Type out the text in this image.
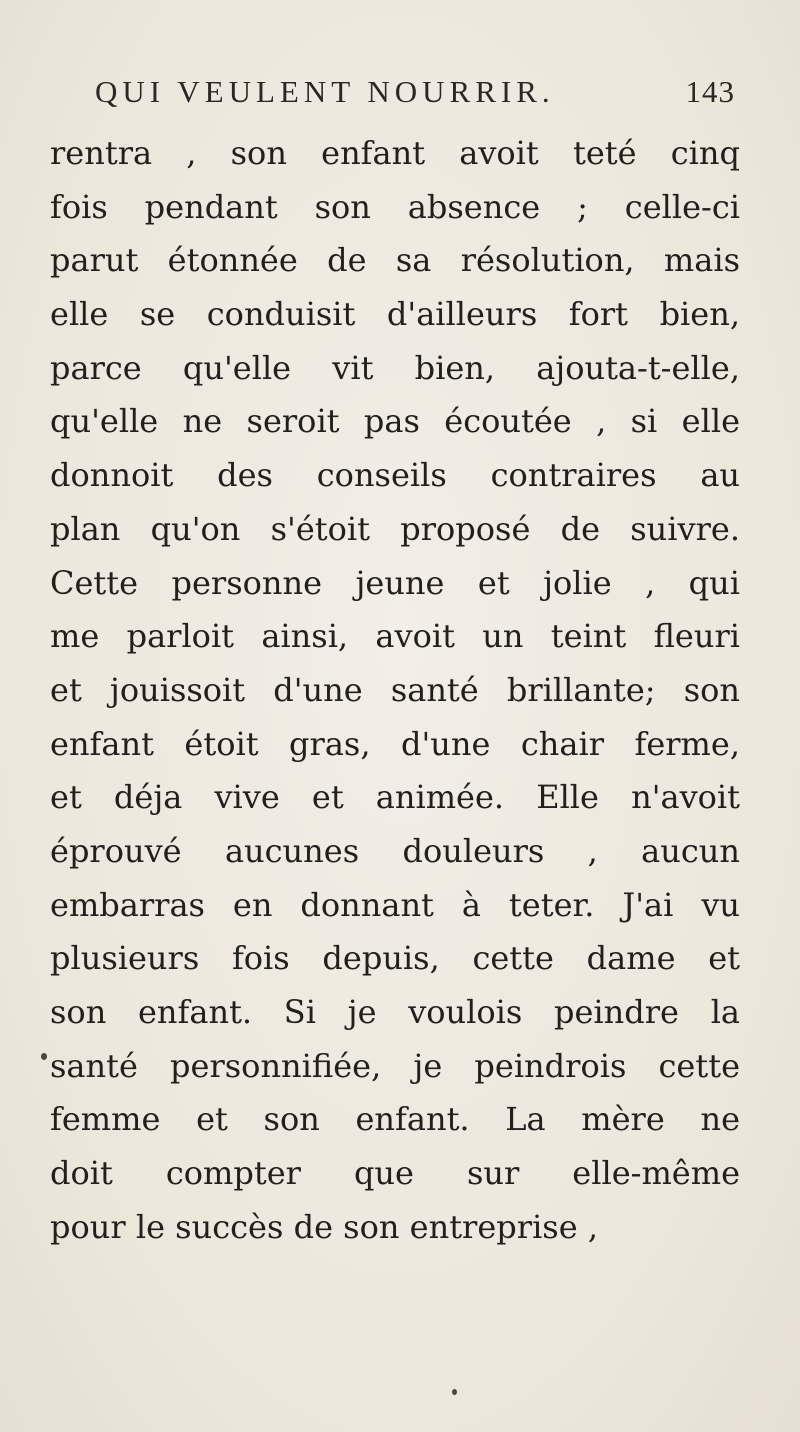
QUI VEULENT NOURRIR.	143
rentra , son enfant avoit teté cinq
fois pendant son absence ; celle-ci
parut étonnée de sa résolution, mais
elle se conduisit d'ailleurs fort bien,
parce qu'elle vit bien, ajouta-t-elle,
qu'elle ne seroit pas écoutée , si elle
donnoit des conseils contraires au
plan qu'on s'étoit proposé de suivre.
Cette personne jeune et jolie , qui
me parloit ainsi, avoit un teint fleuri
et jouissoit d'une santé brillante; son
enfant étoit gras, d'une chair ferme,
et déja vive et animée. Elle n'avoit
éprouvé aucunes douleurs , aucun
embarras en donnant à teter. J'ai vu
plusieurs fois depuis, cette dame et
son enfant. Si je voulois peindre la
santé personnifiée, je peindrois cette
femme et son enfant. La mère ne
doit compter que sur elle-même
pour le succès de son entreprise ,
